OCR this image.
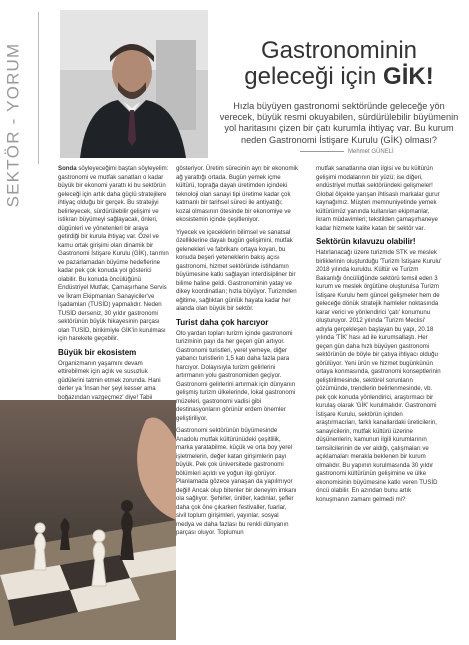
SEKTÖR - YORUM	Gastronominin
geleceği için GİK!
Hızla büyüyen gastronomi sektöründe geleceğe yön verecek, büyük resmi okuyabilen, sürdürülebilir büyümenin yol haritasını çizen bir çatı kurumla ihtiyaç var. Bu kurum neden Gastronomi İstişare Kurulu (GİK) olması?
Mehmet GÜNELİ

Sonda söyleyeceğimi baştan söyleyelim: gastronomi ve mutfak sanatları o kadar büyük bir ekonomi yarattı ki bu sektörün geleceği için artık daha güçlü stratejilere ihtiyaç olduğu bir gerçek. Bu stratejiyi belirleyecek, sürdürülebilir gelişimi ve istikrarı büyümeyi sağlayacak, önleri, dügünleri ve yönetenleri bir araya getirdiği bir kuruła ihtiyaç var. Özel ve kamu ortak girişimi olan dinamik bir Gastronomi İstişare Kurulu (GİK), tarımın ve pazarlamadan büyüme hedeflerine kadar pek çok konuda yol gösterici olabilir. Bu konuda öncülüğünü Endüstriyel Mutfak, Çamaşırhane Servis ve İkram Ekipmanları Sanayiciler've İşadamları (TUSİD) yapmalıdır. Neden TUSİD derseniz, 30 yıldır gastronomi sektörünün büyük hikayesinin parçası olan TUSİD, birikimiyle GİK'in kurulması için harekete geçebilir.

Büyük bir ekosistem

Organizmanın yaşamını devam ettirebilmek için açlık ve susuzluk güdülerini tatmin etmek zorunda. Hani derler ya 'İnsan her şeyi kesser ama boğazından vazgeçmez' diye! Tabii

gösteriyor. Üretim sürecinin ayrı bir ekonomik ağ yarattığı ortada. Bugün yemek içme kültürü, toprağa dayalı üretimden içindeki teknoloji olan sanayi tipi üretime kadar çok katmanlı bir tarihsel süreci ile antiyatığı; kozal olmasının ötesinde bir ekonomiye ve ekosistemin içinde çeşitleniyor.

Yiyecek ve içeceklerin bilimsel ve sanatsal özelliklerine dayalı bugün gelişimini, mutfak gelenekleri ve fabrikanı ortaya koyan, bu konuda beşeri yeteneklerin bakış açısı gastronomi, hizmet sektöründe istihdamın büyümesine katkı sağlayan interdisipliner bir bilime haline geldi. Gastronominin yatay ve dikey koordinatları; hızla büyüyor. Turizmden eğitime, sağlıktan günlük hayata kadar her alanda olan büyük bir sektör.

Turist daha çok harcıyor

Oto yardan topları turizm içinde gastronomi turizminin payı da her geçen gün artıyor. Gastronomi turistleri, yerel yemeye, diğer yabancı turistlerin 1,5 katı daha fazla para harcıyor. Dolayısıyla turizm gelirlerini artırmanın yolu gastronomiden geçiyor. Gastronomi gelirlerini artırmak için dünyanın gelişmiş turizm ülkelerinde, lokal gastronomi müzeleri, gastronomi vadisi gibi destinasyonların görünür erdem önemler geliştiriliyor.

Gastronomi sektörünün büyümesinde Anadolu mutfak kültürünüdeki çeşitlilik, marka yaratabilme, küçük ve orta boy yerel işletmelerin, değer katan girişimlerin payı büyük. Pek çok üniversitede gastronomi bölümleri açıldı ve yoğun ilgi görüyor. Planlamada gözece yanaşan da yapılmıyor değil! Ancak olup bitenler bir deneyim imkanı ola sağlıyor. Şehirler, ünitler, kadınlar, şefler daha çok öne çıkarken festivaller, fuarlar, sivil toplum girişimleri, yayınlar, sosyal medya ve daha fazlası bu renkli dünyanın parçası oluyor. Toplumun

mutfak sanatlarına olan ilgisi ve bu kültürün gelişimi modalarının bir yüzü; ise diğeri, endüstriyel mutfak sektöründeki gelişmeler! Global ölçekte yarışan ihtisaslı markalar gurur kaynağımız. Müşteri memnuniyetinde yemek kültürümüz yanında kullanılan ekipmanlar, ikram müdavimleri; tekstilden çamaşırhaneye kadar hizmete kalite katan bir sektör var.

Sektörün kılavuzu olabilir!

Hatırlanacağı üzere turizmde STK ve meslek birliklerinin oluşturduğu 'Turizm İstişare Kurulu' 2018 yılında kuruldu. Kültür ve Turizm Bakanlığı öncülüğünde sektörü temsil eden 3 kurum ve meslek örgütüne oluşturulsa Turizm İstişare Kurulu hem güncel gelişmeler hem de geleceğe dönük stratejik hamleler noktasında karar verici ve yönlendirici 'çatı' konumunu oluşturuyor. 2012 yılında 'Turizm Meclisi' adıyla gerçekleşen başlayan bu yapı, 20.18 yılında 'TİK' hası ad ile kurumsallaştı. Her geçen gün daha hızlı büyüyen gastronomi sektörünün de böyle bir çatıya ihtiyacı olduğu görülüyor. Yeni ürün ve hizmet bugünkünün ortaya konmasında, gastronomi konseptlerinin geliştirilmesinde, sektörel sorunların çözümünde, trendlerin belirlenmesinde, vb. pek çok konuda yönlendirici, araştırmacı bir kurulaş olarak 'GİK' kurulmalıdır. Gastronomi İstişare Kurulu, sektörün içinden araştırmacıları, farklı kanallardaki üreticilerin, sanayicilerin, mutfak kültürü üzerine düşünenlerin, kamunun ilgili kurumlarının temsilcilerinin de ver aldığı, çalışmaları ve açıklamaları merakla beklenen bir kurum olmalıdır. Bu yapının kurulmasında 30 yıldır gastronomi kültürünün gelişimine ve ülke ekonomisinin büyümesine katkı veren TUSİD öncü olabilir. En azından bunu artık konuşmanın zamanı gelmedi mi?
